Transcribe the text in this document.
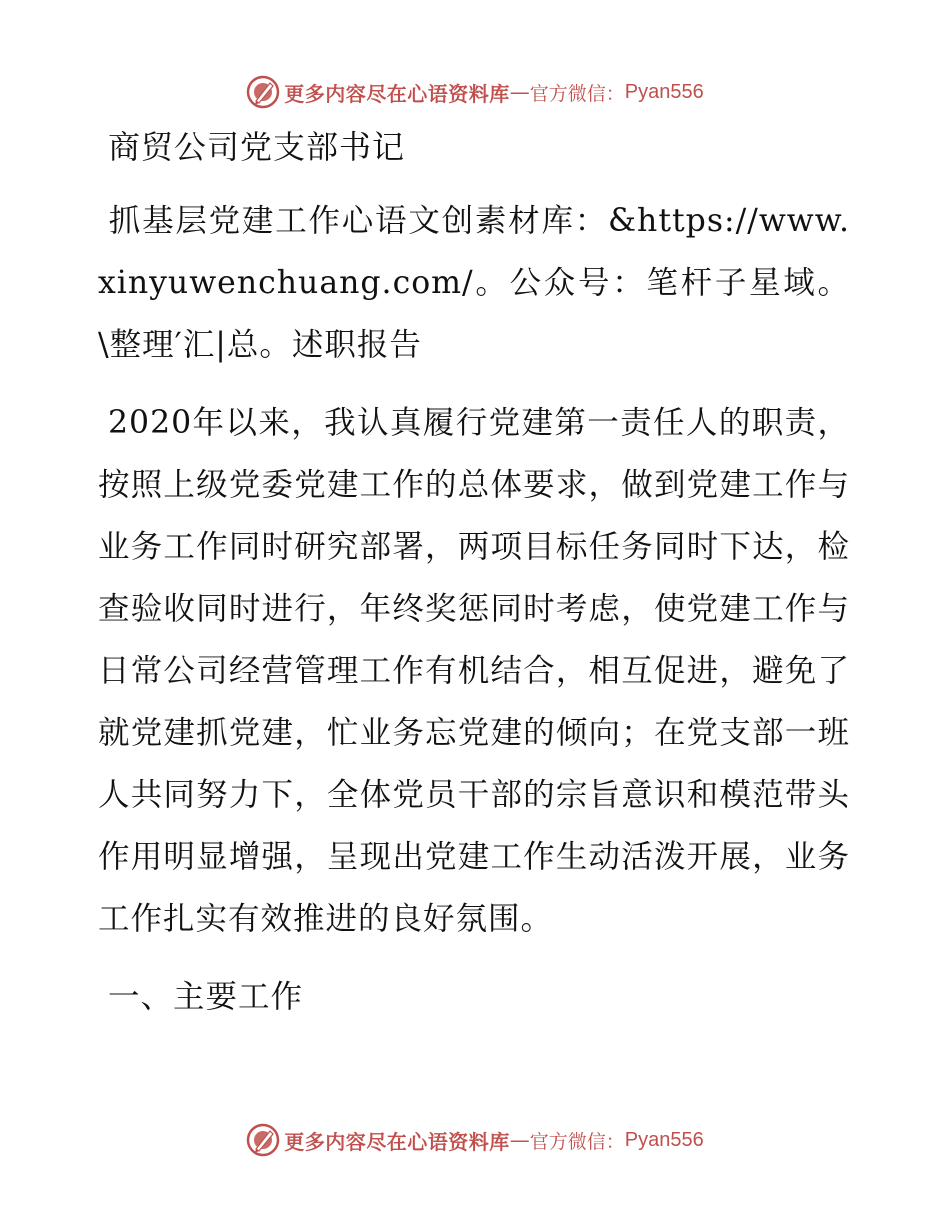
更多内容尽在心语资料库 — 官方微信： Pyan556
商贸公司党支部书记

抓基层党建工作心语文创素材库：&https://www.xinyuwenchuang.com/。公众号：笔杆子星域。\整理′汇|总。述职报告

2020年以来，我认真履行党建第一责任人的职责，按照上级党委党建工作的总体要求，做到党建工作与业务工作同时研究部署，两项目标任务同时下达，检查验收同时进行，年终奖惩同时考虑，使党建工作与日常公司经营管理工作有机结合，相互促进，避免了就党建抓党建，忙业务忘党建的倾向；在党支部一班人共同努力下，全体党员干部的宗旨意识和模范带头作用明显增强，呈现出党建工作生动活泼开展，业务工作扎实有效推进的良好氛围。

一、主要工作
更多内容尽在心语资料库 — 官方微信： Pyan556
